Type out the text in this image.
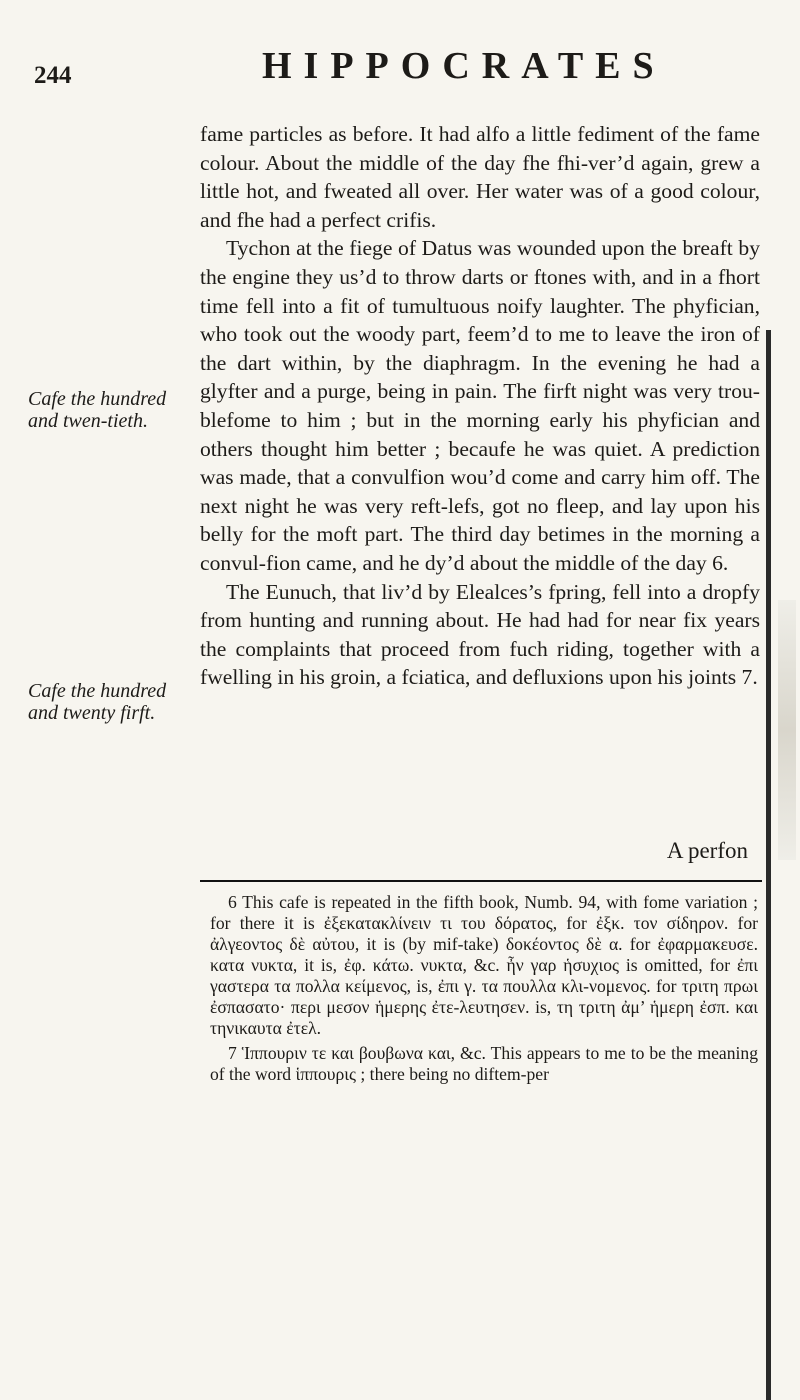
244	HIPPOCRATES
Cafe the hundred and twen-tieth.
Cafe the hundred and twenty firft.

fame particles as before. It had alfo a little fediment of the fame colour. About the middle of the day fhe fhi-ver’d again, grew a little hot, and fweated all over. Her water was of a good colour, and fhe had a perfect crifis.

Tychon at the fiege of Datus was wounded upon the breaft by the engine they us’d to throw darts or ftones with, and in a fhort time fell into a fit of tumultuous noify laughter. The phyfician, who took out the woody part, feem’d to me to leave the iron of the dart within, by the diaphragm. In the evening he had a glyfter and a purge, being in pain. The firft night was very trou-blefome to him ; but in the morning early his phyfician and others thought him better ; becaufe he was quiet. A prediction was made, that a convulfion wou’d come and carry him off. The next night he was very reft-lefs, got no fleep, and lay upon his belly for the moft part. The third day betimes in the morning a convul-fion came, and he dy’d about the middle of the day 6.

The Eunuch, that liv’d by Elealces’s fpring, fell into a dropfy from hunting and running about. He had had for near fix years the complaints that proceed from fuch riding, together with a fwelling in his groin, a fciatica, and defluxions upon his joints 7.

A perfon

6 This cafe is repeated in the fifth book, Numb. 94, with fome variation ; for there it is ἐξεκατακλίνειν τι του δόρατος, for ἐξκ. τον σίδηρον. for ἀλγεοντος δὲ αὐτου, it is (by mif-take) δοκέοντος δὲ α. for ἐφαρμακευσε. κατα νυκτα, it is, ἐφ. κάτω. νυκτα, &c. ἦν γαρ ἡσυχιος is omitted, for ἐπι γαστερα τα πολλα κείμενος, is, ἐπι γ. τα πουλλα κλι-νομενος. for τριτη πρωι ἐσπασατο· περι μεσον ἡμερης ἐτε-λευτησεν. is, τη τριτη ἀμ’ ἡμερη ἐσπ. και τηνικαυτα ἐτελ.

7 Ἱππουριν τε και βουβωνα και, &c. This appears to me to be the meaning of the word ἱππουρις ; there being no diftem-per
